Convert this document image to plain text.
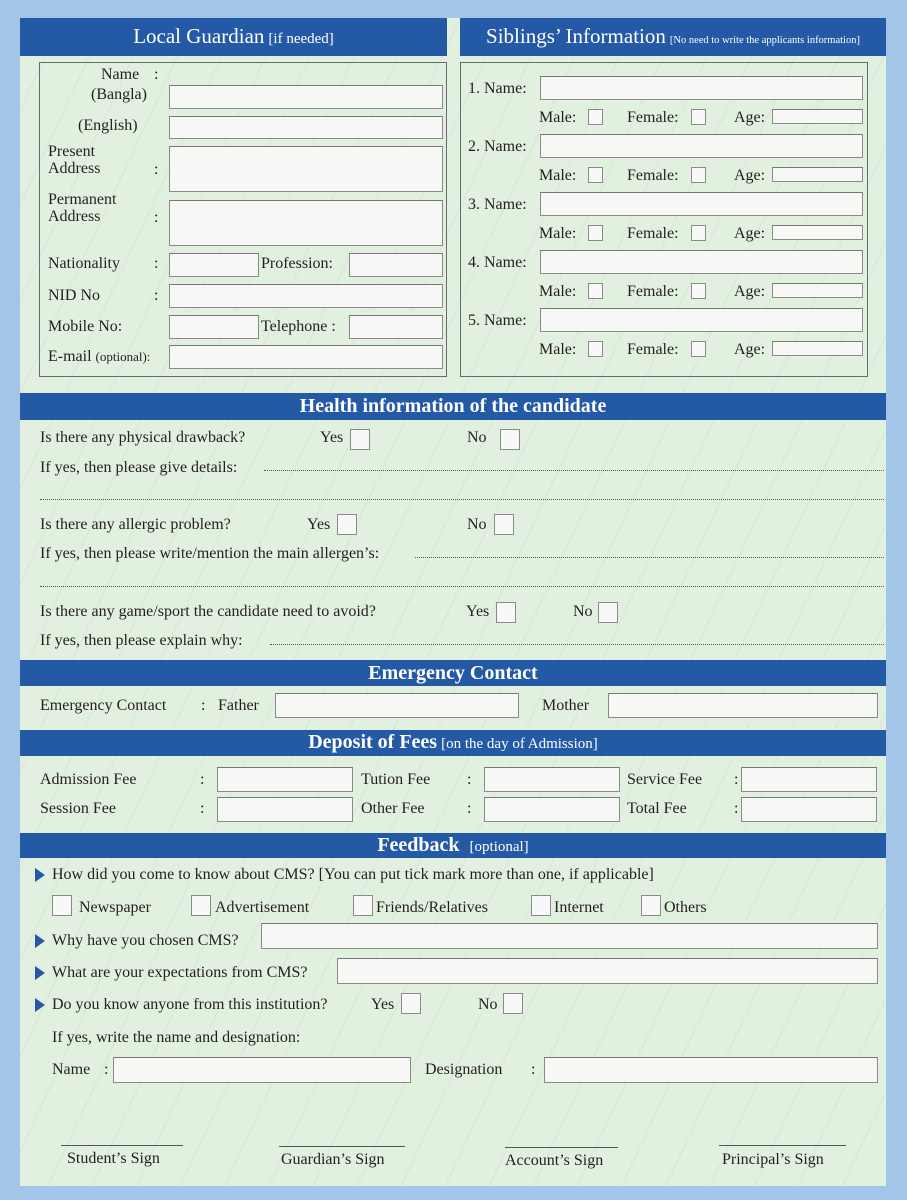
Local Guardian [if needed]
Name :
(Bangla)
(English)
Present
Address	:
Permanent
Address	:
Nationality :	Profession:
NID No	:
Mobile No:	Telephone :
E-mail (optional):
Siblings’ Information [No need to write the applicants information]
1. Name:
Male:	Female:	Age:
2. Name:
Male:	Female:	Age:
3. Name:
Male:	Female:	Age:
4. Name:
Male:	Female:	Age:
5. Name:
Male:	Female:	Age:
Health information of the candidate
Is there any physical drawback?	Yes	No
If yes, then please give details:
Is there any allergic problem?	Yes	No
If yes, then please write/mention the main allergen’s:
Is there any game/sport the candidate need to avoid?	Yes	No
If yes, then please explain why:
Emergency Contact
Emergency Contact : Father	Mother
Deposit of Fees [on the day of Admission]
Admission Fee	:	Tution Fee :	Service Fee :
Session Fee	:	Other Fee	:	Total Fee	:
Feedback [optional]
How did you come to know about CMS? [You can put tick mark more than one, if applicable]
Newspaper	Advertisement	Friends/Relatives	Internet	Others
Why have you chosen CMS?
What are your expectations from CMS?
Do you know anyone from this institution?	Yes	No
If yes, write the name and designation:
Name :	Designation :
Student’s Sign	Guardian’s Sign	Account’s Sign	Principal’s Sign
